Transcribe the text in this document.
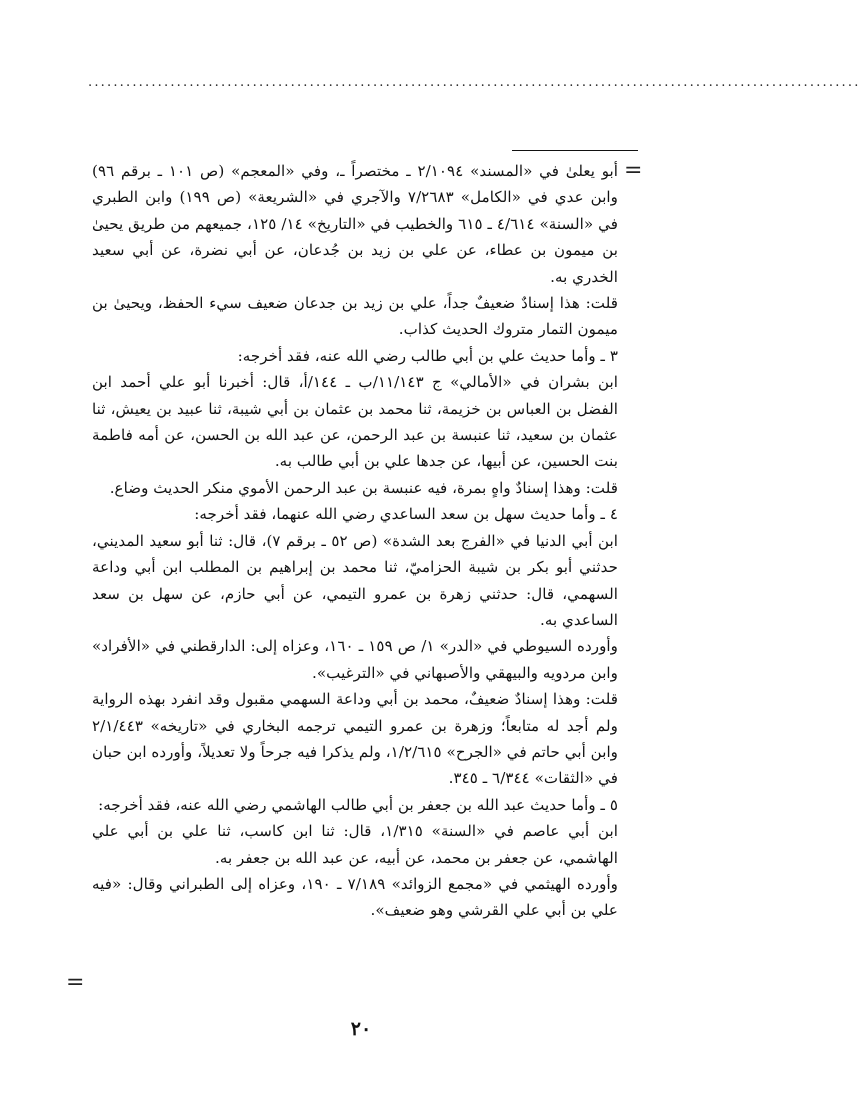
..........................................................................................................................
=

أبو يعلىٰ في «المسند» ٢/١٠٩٤ ـ مختصراً ـ، وفي «المعجم» (ص ١٠١ ـ برقم ٩٦) وابن عدي في «الكامل» ٧/٢٦٨٣ والآجري في «الشريعة» (ص ١٩٩) وابن الطبري في «السنة» ٤/٦١٤ ـ ٦١٥ والخطيب في «التاريخ» ١٤/ ١٢٥، جميعهم من طريق يحيىٰ بن ميمون بن عطاء، عن علي بن زيد بن جُدعان، عن أبي نضرة، عن أبي سعيد الخدري به.

قلت: هذا إسنادٌ ضعيفٌ جداً، علي بن زيد بن جدعان ضعيف سيء الحفظ، ويحيىٰ بن ميمون التمار متروك الحديث كذاب.

٣ ـ وأما حديث علي بن أبي طالب رضي الله عنه، فقد أخرجه:

ابن بشران في «الأمالي» ج ١١/١٤٣/ب ـ ١٤٤/أ، قال: أخبرنا أبو علي أحمد ابن الفضل بن العباس بن خزيمة، ثنا محمد بن عثمان بن أبي شيبة، ثنا عبيد بن يعيش، ثنا عثمان بن سعيد، ثنا عنبسة بن عبد الرحمن، عن عبد الله بن الحسن، عن أمه فاطمة بنت الحسين، عن أبيها، عن جدها علي بن أبي طالب به.

قلت: وهذا إسنادٌ واهٍ بمرة، فيه عنبسة بن عبد الرحمن الأموي منكر الحديث وضاع.

٤ ـ وأما حديث سهل بن سعد الساعدي رضي الله عنهما، فقد أخرجه:

ابن أبي الدنيا في «الفرج بعد الشدة» (ص ٥٢ ـ برقم ٧)، قال: ثنا أبو سعيد المديني، حدثني أبو بكر بن شيبة الحزاميّ، ثنا محمد بن إبراهيم بن المطلب ابن أبي وداعة السهمي، قال: حدثني زهرة بن عمرو التيمي، عن أبي حازم، عن سهل بن سعد الساعدي به.

وأورده السيوطي في «الدر» ١/ ص ١٥٩ ـ ١٦٠، وعزاه إلى: الدارقطني في «الأفراد» وابن مردويه والبيهقي والأصبهاني في «الترغيب».

قلت: وهذا إسنادٌ ضعيفٌ، محمد بن أبي وداعة السهمي مقبول وقد انفرد بهذه الرواية ولم أجد له متابعاً؛ وزهرة بن عمرو التيمي ترجمه البخاري في «تاريخه» ٢/١/٤٤٣ وابن أبي حاتم في «الجرح» ١/٢/٦١٥، ولم يذكرا فيه جرحاً ولا تعديلاً، وأورده ابن حبان في «الثقات» ٦/٣٤٤ ـ ٣٤٥.

٥ ـ وأما حديث عبد الله بن جعفر بن أبي طالب الهاشمي رضي الله عنه، فقد أخرجه:

ابن أبي عاصم في «السنة» ١/٣١٥، قال: ثنا ابن كاسب، ثنا علي بن أبي علي الهاشمي، عن جعفر بن محمد، عن أبيه، عن عبد الله بن جعفر به.

وأورده الهيثمي في «مجمع الزوائد» ٧/١٨٩ ـ ١٩٠، وعزاه إلى الطبراني وقال: «فيه علي بن أبي علي القرشي وهو ضعيف».

=
٢٠
